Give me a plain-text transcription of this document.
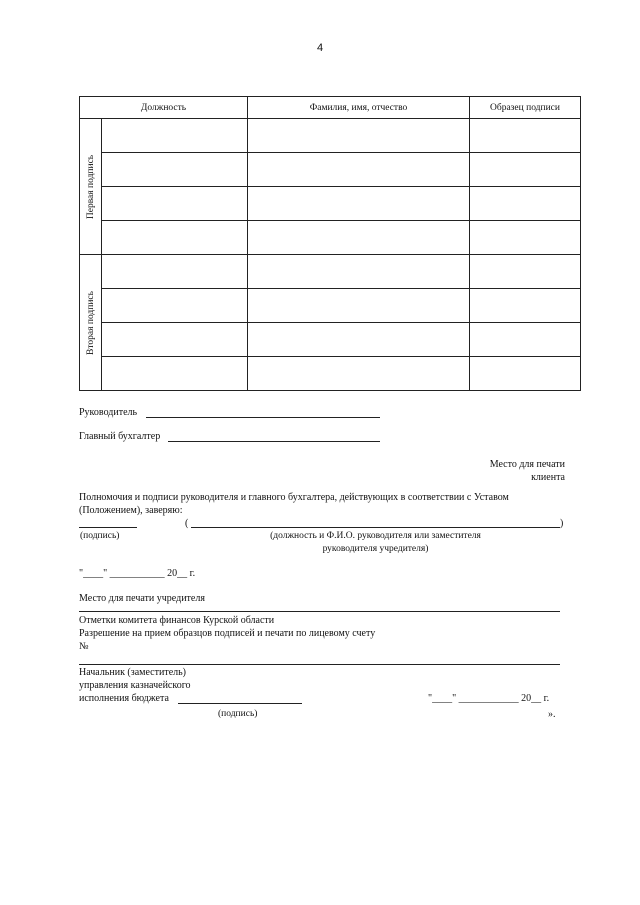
4
Должность		Фамилия, имя, отчество	Образец подписи

Первая подпись			

Вторая подпись			

Руководитель
Главный бухгалтер
Место для печати
клиента
Полномочия и подписи руководителя и главного бухгалтера, действующих в соответствии с Уставом
(Положением), заверяю:
(	)
(подпись)	(должность и Ф.И.О. руководителя или заместителя
руководителя учредителя)
"____" ___________ 20__ г.
Место для печати учредителя
Отметки комитета финансов Курской области
Разрешение на прием образцов подписей и печати по лицевому счету
№
Начальник (заместитель)
управления казначейского
исполнения бюджета	"____" ____________ 20__ г.
(подпись)	».
